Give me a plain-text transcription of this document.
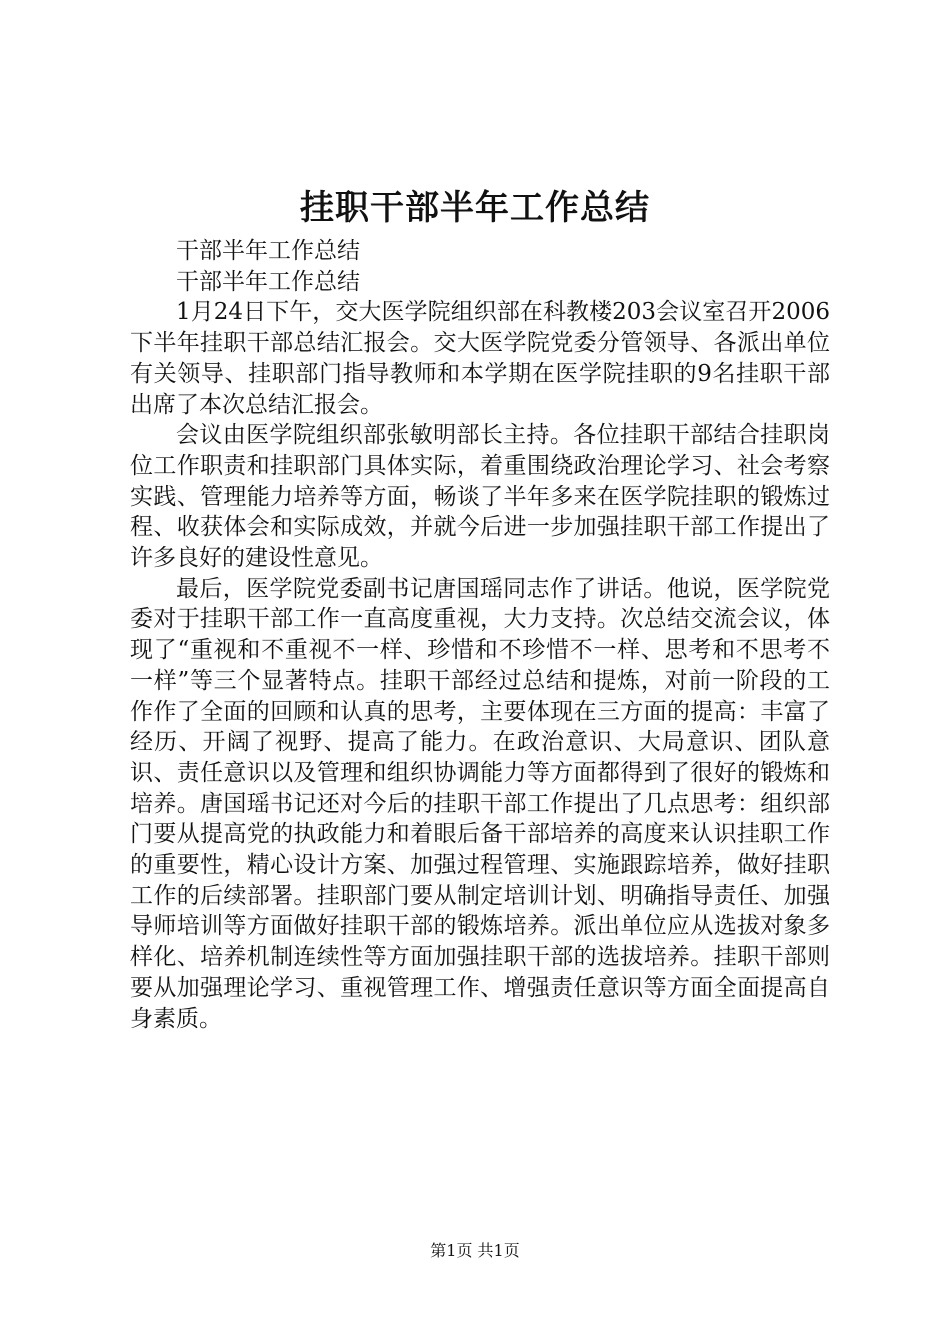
挂职干部半年工作总结

干部半年工作总结

干部半年工作总结

1月24日下午，交大医学院组织部在科教楼203会议室召开2006下半年挂职干部总结汇报会。交大医学院党委分管领导、各派出单位有关领导、挂职部门指导教师和本学期在医学院挂职的9名挂职干部出席了本次总结汇报会。

会议由医学院组织部张敏明部长主持。各位挂职干部结合挂职岗位工作职责和挂职部门具体实际，着重围绕政治理论学习、社会考察实践、管理能力培养等方面，畅谈了半年多来在医学院挂职的锻炼过程、收获体会和实际成效，并就今后进一步加强挂职干部工作提出了许多良好的建设性意见。

最后，医学院党委副书记唐国瑶同志作了讲话。他说，医学院党委对于挂职干部工作一直高度重视，大力支持。次总结交流会议，体现了“重视和不重视不一样、珍惜和不珍惜不一样、思考和不思考不一样”等三个显著特点。挂职干部经过总结和提炼，对前一阶段的工作作了全面的回顾和认真的思考，主要体现在三方面的提高：丰富了经历、开阔了视野、提高了能力。在政治意识、大局意识、团队意识、责任意识以及管理和组织协调能力等方面都得到了很好的锻炼和培养。唐国瑶书记还对今后的挂职干部工作提出了几点思考：组织部门要从提高党的执政能力和着眼后备干部培养的高度来认识挂职工作的重要性，精心设计方案、加强过程管理、实施跟踪培养，做好挂职工作的后续部署。挂职部门要从制定培训计划、明确指导责任、加强导师培训等方面做好挂职干部的锻炼培养。派出单位应从选拔对象多样化、培养机制连续性等方面加强挂职干部的选拔培养。挂职干部则要从加强理论学习、重视管理工作、增强责任意识等方面全面提高自身素质。

第1页 共1页
